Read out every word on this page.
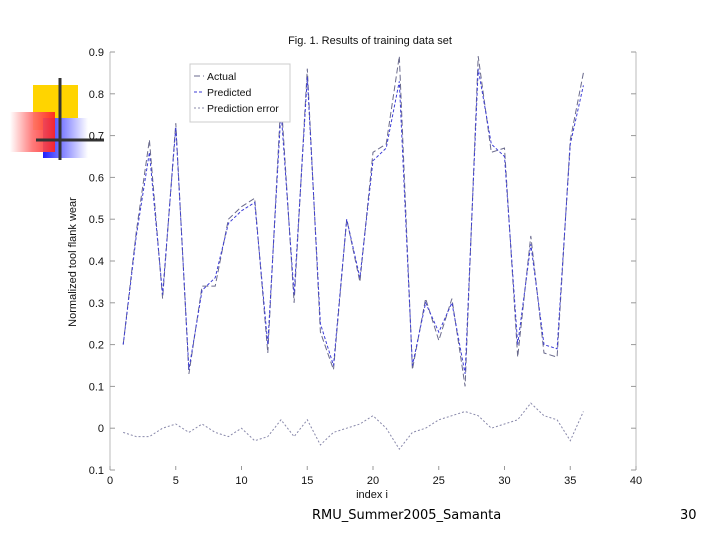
0.9
0.8
0.7
0.6
0.5
0.4
0.3
0.2
0.1
0
0.1
0	5	10	15	20	25	30	35	40
Fig. 1. Results of training data set
index i
Normalized tool flank wear
Actual
Predicted
Prediction error
RMU_Summer2005_Samanta	30
